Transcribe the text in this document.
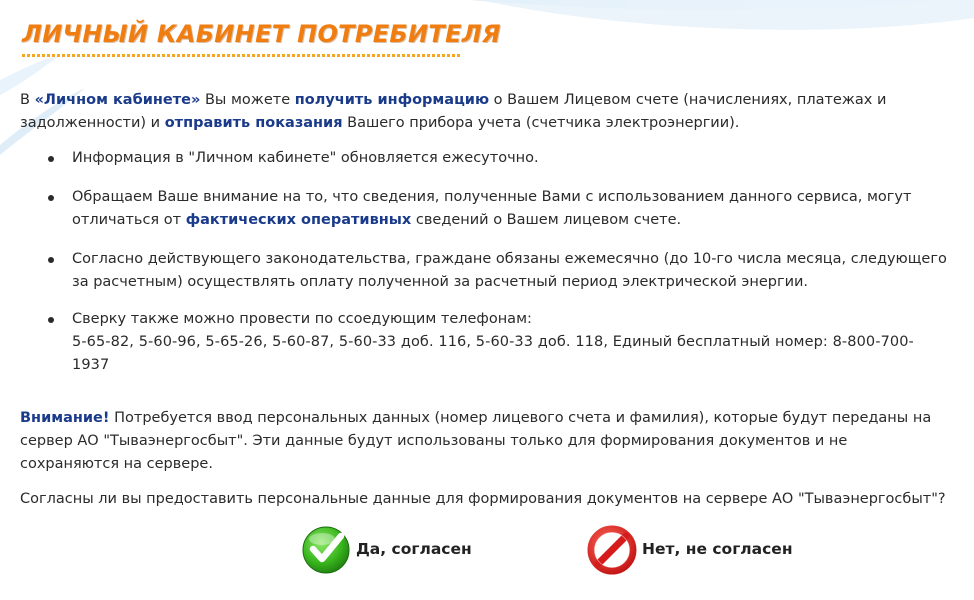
ЛИЧНЫЙ КАБИНЕТ ПОТРЕБИТЕЛЯ

В «Личном кабинете» Вы можете получить информацию о Вашем Лицевом счете (начислениях, платежах и задолженности) и отправить показания Вашего прибора учета (счетчика электроэнергии).

Информация в "Личном кабинете" обновляется ежесуточно.
Обращаем Ваше внимание на то, что сведения, полученные Вами с использованием данного сервиса, могут отличаться от фактических оперативных сведений о Вашем лицевом счете.
Согласно действующего законодательства, граждане обязаны ежемесячно (до 10-го числа месяца, следующего за расчетным) осуществлять оплату полученной за расчетный период электрической энергии.
Сверку также можно провести по ссоедующим телефонам:
5-65-82, 5-60-96, 5-65-26, 5-60-87, 5-60-33 доб. 116, 5-60-33 доб. 118, Единый бесплатный номер: 8-800-700-1937

Внимание! Потребуется ввод персональных данных (номер лицевого счета и фамилия), которые будут переданы на сервер АО "Тываэнергосбыт". Эти данные будут использованы только для формирования документов и не сохраняются на сервере.

Согласны ли вы предоставить персональные данные для формирования документов на сервере АО "Тываэнергосбыт"?

Да, согласен	Нет, не согласен
